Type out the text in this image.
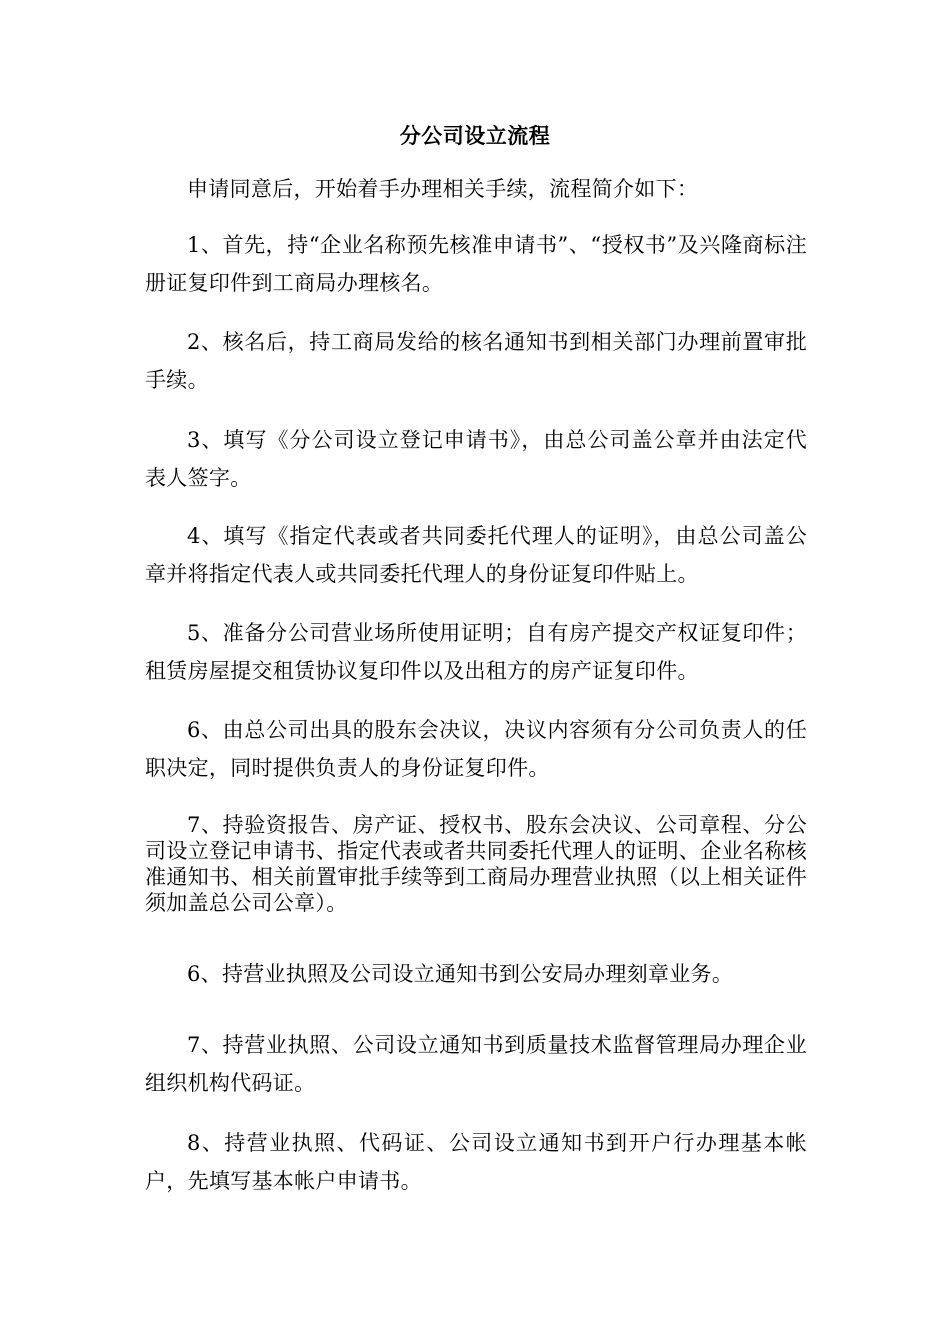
分公司设立流程
申请同意后，开始着手办理相关手续，流程简介如下：
1、首先，持“企业名称预先核准申请书”、“授权书”及兴隆商标注册证复印件到工商局办理核名。
2、核名后，持工商局发给的核名通知书到相关部门办理前置审批手续。
3、填写《分公司设立登记申请书》，由总公司盖公章并由法定代表人签字。
4、填写《指定代表或者共同委托代理人的证明》，由总公司盖公章并将指定代表人或共同委托代理人的身份证复印件贴上。
5、准备分公司营业场所使用证明；自有房产提交产权证复印件；租赁房屋提交租赁协议复印件以及出租方的房产证复印件。
6、由总公司出具的股东会决议，决议内容须有分公司负责人的任职决定，同时提供负责人的身份证复印件。
7、持验资报告、房产证、授权书、股东会决议、公司章程、分公司设立登记申请书、指定代表或者共同委托代理人的证明、企业名称核准通知书、相关前置审批手续等到工商局办理营业执照（以上相关证件须加盖总公司公章）。
6、持营业执照及公司设立通知书到公安局办理刻章业务。
7、持营业执照、公司设立通知书到质量技术监督管理局办理企业组织机构代码证。
8、持营业执照、代码证、公司设立通知书到开户行办理基本帐户，先填写基本帐户申请书。
